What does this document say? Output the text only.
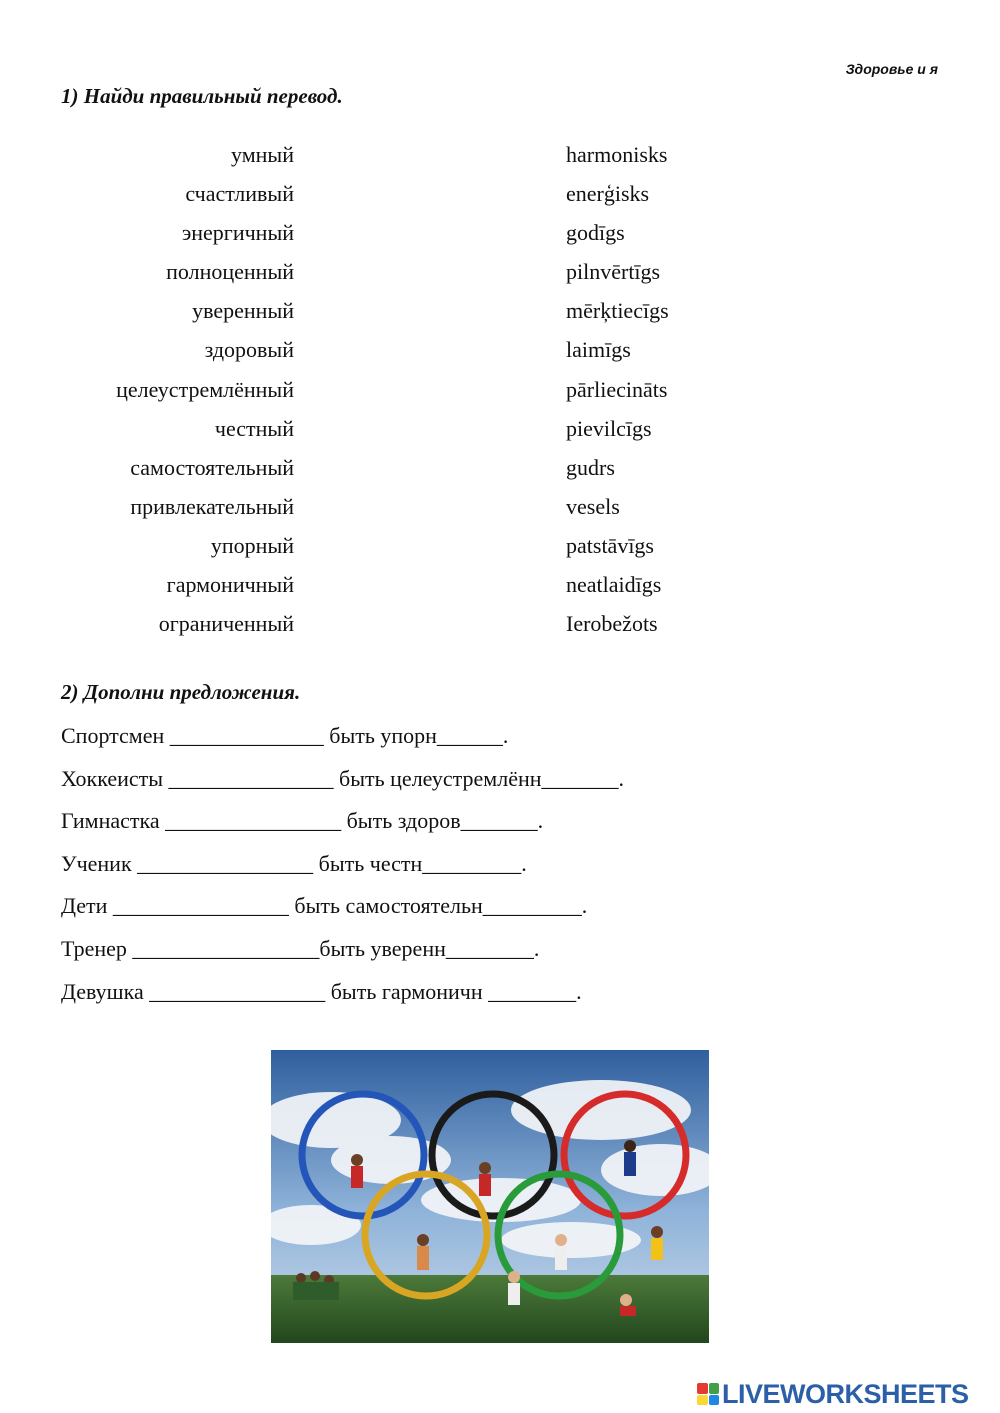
Здоровье и я
1) Найди правильный перевод.
умный
счастливый
энергичный
полноценный
уверенный
здоровый
целеустремлённый
честный
самостоятельный
привлекательный
упорный
гармоничный
ограниченный
harmonisks
enerģisks
godīgs
pilnvērtīgs
mērķtiecīgs
laimīgs
pārliecināts
pievilcīgs
gudrs
vesels
patstāvīgs
neatlaidīgs
Ierobežots
2) Дополни предложения.
Спортсмен ______________ быть упорн______.
Хоккеисты _______________ быть целеустремлённ_______.
Гимнастка ________________ быть здоров_______.
Ученик ________________ быть честн_________.
Дети ________________ быть самостоятельн_________.
Тренер _________________быть уверенн________.
Девушка ________________ быть гармоничн ________.
LIVEWORKSHEETS
